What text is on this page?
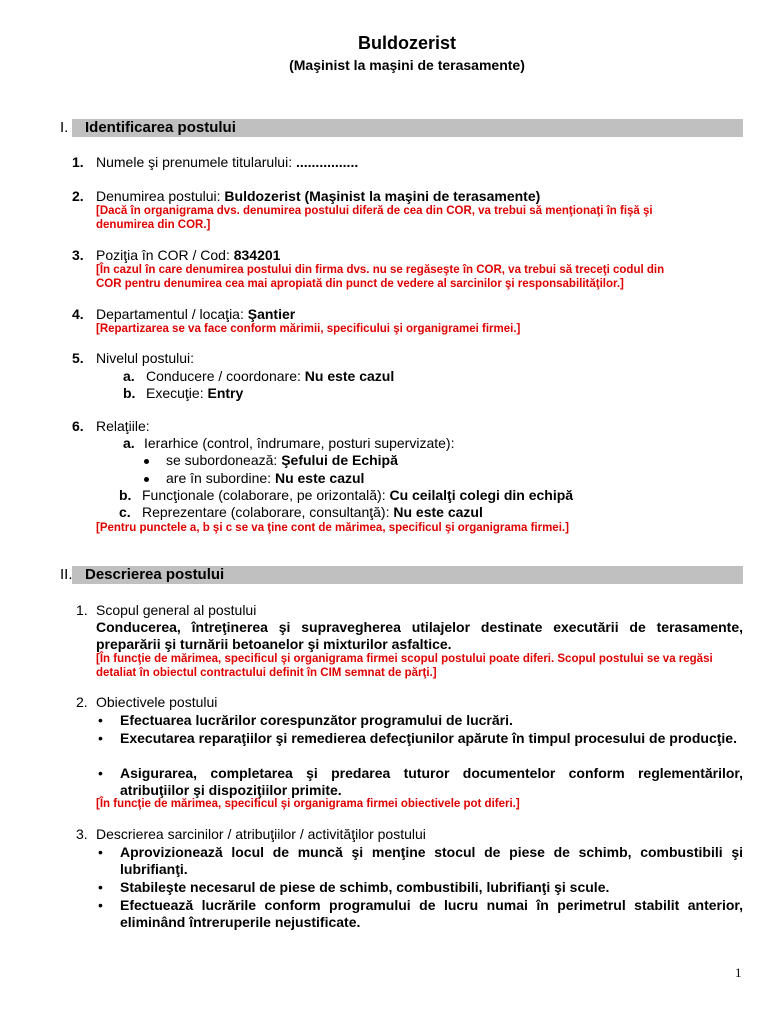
Buldozerist
(Maşinist la maşini de terasamente)
I. Identificarea postului
1. Numele şi prenumele titularului: ................
2. Denumirea postului: Buldozerist (Maşinist la maşini de terasamente)
[Dacă în organigrama dvs. denumirea postului diferă de cea din COR, va trebui să menţionaţi în fişă şi
denumirea din COR.]
3. Poziţia în COR / Cod: 834201
[În cazul în care denumirea postului din firma dvs. nu se regăseşte în COR, va trebui să treceţi codul din
COR pentru denumirea cea mai apropiată din punct de vedere al sarcinilor şi responsabilităţilor.]
4. Departamentul / locaţia: Şantier
[Repartizarea se va face conform mărimii, specificului şi organigramei firmei.]
5. Nivelul postului:
a. Conducere / coordonare: Nu este cazul
b. Execuţie: Entry
6. Relaţiile:
a. Ierarhice (control, îndrumare, posturi supervizate):
se subordonează: Şefului de Echipă
are în subordine: Nu este cazul
b. Funcţionale (colaborare, pe orizontală): Cu ceilalţi colegi din echipă
c. Reprezentare (colaborare, consultanţă): Nu este cazul
[Pentru punctele a, b şi c se va ţine cont de mărimea, specificul şi organigrama firmei.]
II. Descrierea postului
1. Scopul general al postului
Conducerea, întreţinerea şi supravegherea utilajelor destinate executării de terasamente, preparării şi turnării betoanelor şi mixturilor asfaltice.
[În funcţie de mărimea, specificul şi organigrama firmei scopul postului poate diferi. Scopul postului se va regăsi
detaliat în obiectul contractului definit în CIM semnat de părţi.]
2. Obiectivele postului
• Efectuarea lucrărilor corespunzător programului de lucrări.
• Executarea reparaţiilor şi remedierea defecţiunilor apărute în timpul procesului de producţie.
• Asigurarea, completarea şi predarea tuturor documentelor conform reglementărilor, atribuţiilor şi dispoziţiilor primite.
[În funcţie de mărimea, specificul şi organigrama firmei obiectivele pot diferi.]
3. Descrierea sarcinilor / atribuţiilor / activităţilor postului
• Aprovizionează locul de muncă şi menţine stocul de piese de schimb, combustibili şi lubrifianţi.
• Stabileşte necesarul de piese de schimb, combustibili, lubrifianţi şi scule.
• Efectuează lucrările conform programului de lucru numai în perimetrul stabilit anterior, eliminând întreruperile nejustificate.
1
